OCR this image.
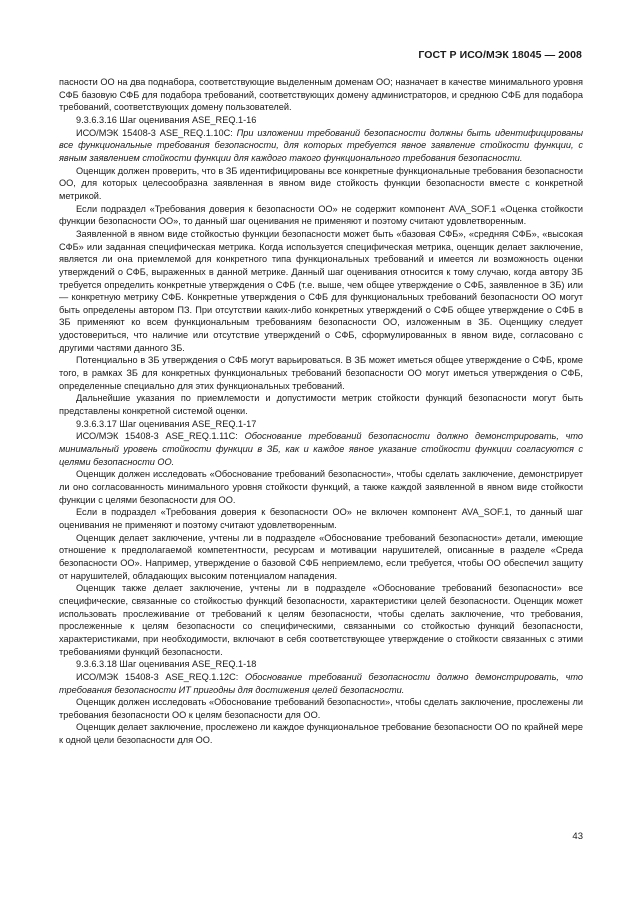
ГОСТ Р ИСО/МЭК 18045 — 2008

пасности ОО на два поднабора, соответствующие выделенным доменам ОО; назначает в качестве минимального уровня СФБ базовую СФБ для подабора требований, соответствующих домену администраторов, и среднюю СФБ для подабора требований, соответствующих домену пользователей.

9.3.6.3.16 Шаг оценивания ASE_REQ.1-16

ИСО/МЭК 15408-3 ASE_REQ.1.10C: При изложении требований безопасности должны быть идентифицированы все функциональные требования безопасности, для которых требуется явное заявление стойкости функции, с явным заявлением стойкости функции для каждого такого функционального требования безопасности.

Оценщик должен проверить, что в ЗБ идентифицированы все конкретные функциональные требования безопасности ОО, для которых целесообразна заявленная в явном виде стойкость функции безопасности вместе с конкретной метрикой.

Если подраздел «Требования доверия к безопасности ОО» не содержит компонент AVA_SOF.1 «Оценка стойкости функции безопасности ОО», то данный шаг оценивания не применяют и поэтому считают удовлетворенным.

Заявленной в явном виде стойкостью функции безопасности может быть «базовая СФБ», «средняя СФБ», «высокая СФБ» или заданная специфическая метрика. Когда используется специфическая метрика, оценщик делает заключение, является ли она приемлемой для конкретного типа функциональных требований и имеется ли возможность оценки утверждений о СФБ, выраженных в данной метрике. Данный шаг оценивания относится к тому случаю, когда автору ЗБ требуется определить конкретные утверждения о СФБ (т.е. выше, чем общее утверждение о СФБ, заявленное в ЗБ) или — конкретную метрику СФБ. Конкретные утверждения о СФБ для функциональных требований безопасности ОО могут быть определены автором ПЗ. При отсутствии каких-либо конкретных утверждений о СФБ общее утверждение о СФБ в ЗБ применяют ко всем функциональным требованиям безопасности ОО, изложенным в ЗБ. Оценщику следует удостовериться, что наличие или отсутствие утверждений о СФБ, сформулированных в явном виде, согласовано с другими частями данного ЗБ.

Потенциально в ЗБ утверждения о СФБ могут варьироваться. В ЗБ может иметься общее утверждение о СФБ, кроме того, в рамках ЗБ для конкретных функциональных требований безопасности ОО могут иметься утверждения о СФБ, определенные специально для этих функциональных требований.

Дальнейшие указания по приемлемости и допустимости метрик стойкости функций безопасности могут быть представлены конкретной системой оценки.

9.3.6.3.17 Шаг оценивания ASE_REQ.1-17

ИСО/МЭК 15408-3 ASE_REQ.1.11C: Обоснование требований безопасности должно демонстрировать, что минимальный уровень стойкости функции в ЗБ, как и каждое явное указание стойкости функции согласуются с целями безопасности ОО.

Оценщик должен исследовать «Обоснование требований безопасности», чтобы сделать заключение, демонстрирует ли оно согласованность минимального уровня стойкости функций, а также каждой заявленной в явном виде стойкости функции с целями безопасности для ОО.

Если в подраздел «Требования доверия к безопасности ОО» не включен компонент AVA_SOF.1, то данный шаг оценивания не применяют и поэтому считают удовлетворенным.

Оценщик делает заключение, учтены ли в подразделе «Обоснование требований безопасности» детали, имеющие отношение к предполагаемой компетентности, ресурсам и мотивации нарушителей, описанные в разделе «Среда безопасности ОО». Например, утверждение о базовой СФБ неприемлемо, если требуется, чтобы ОО обеспечил защиту от нарушителей, обладающих высоким потенциалом нападения.

Оценщик также делает заключение, учтены ли в подразделе «Обоснование требований безопасности» все специфические, связанные со стойкостью функций безопасности, характеристики целей безопасности. Оценщик может использовать прослеживание от требований к целям безопасности, чтобы сделать заключение, что требования, прослеженные к целям безопасности со специфическими, связанными со стойкостью функций безопасности, характеристиками, при необходимости, включают в себя соответствующее утверждение о стойкости связанных с этими требованиями функций безопасности.

9.3.6.3.18 Шаг оценивания ASE_REQ.1-18

ИСО/МЭК 15408-3 ASE_REQ.1.12C: Обоснование требований безопасности должно демонстрировать, что требования безопасности ИТ пригодны для достижения целей безопасности.

Оценщик должен исследовать «Обоснование требований безопасности», чтобы сделать заключение, прослежены ли требования безопасности ОО к целям безопасности для ОО.

Оценщик делает заключение, прослежено ли каждое функциональное требование безопасности ОО по крайней мере к одной цели безопасности для ОО.

43
